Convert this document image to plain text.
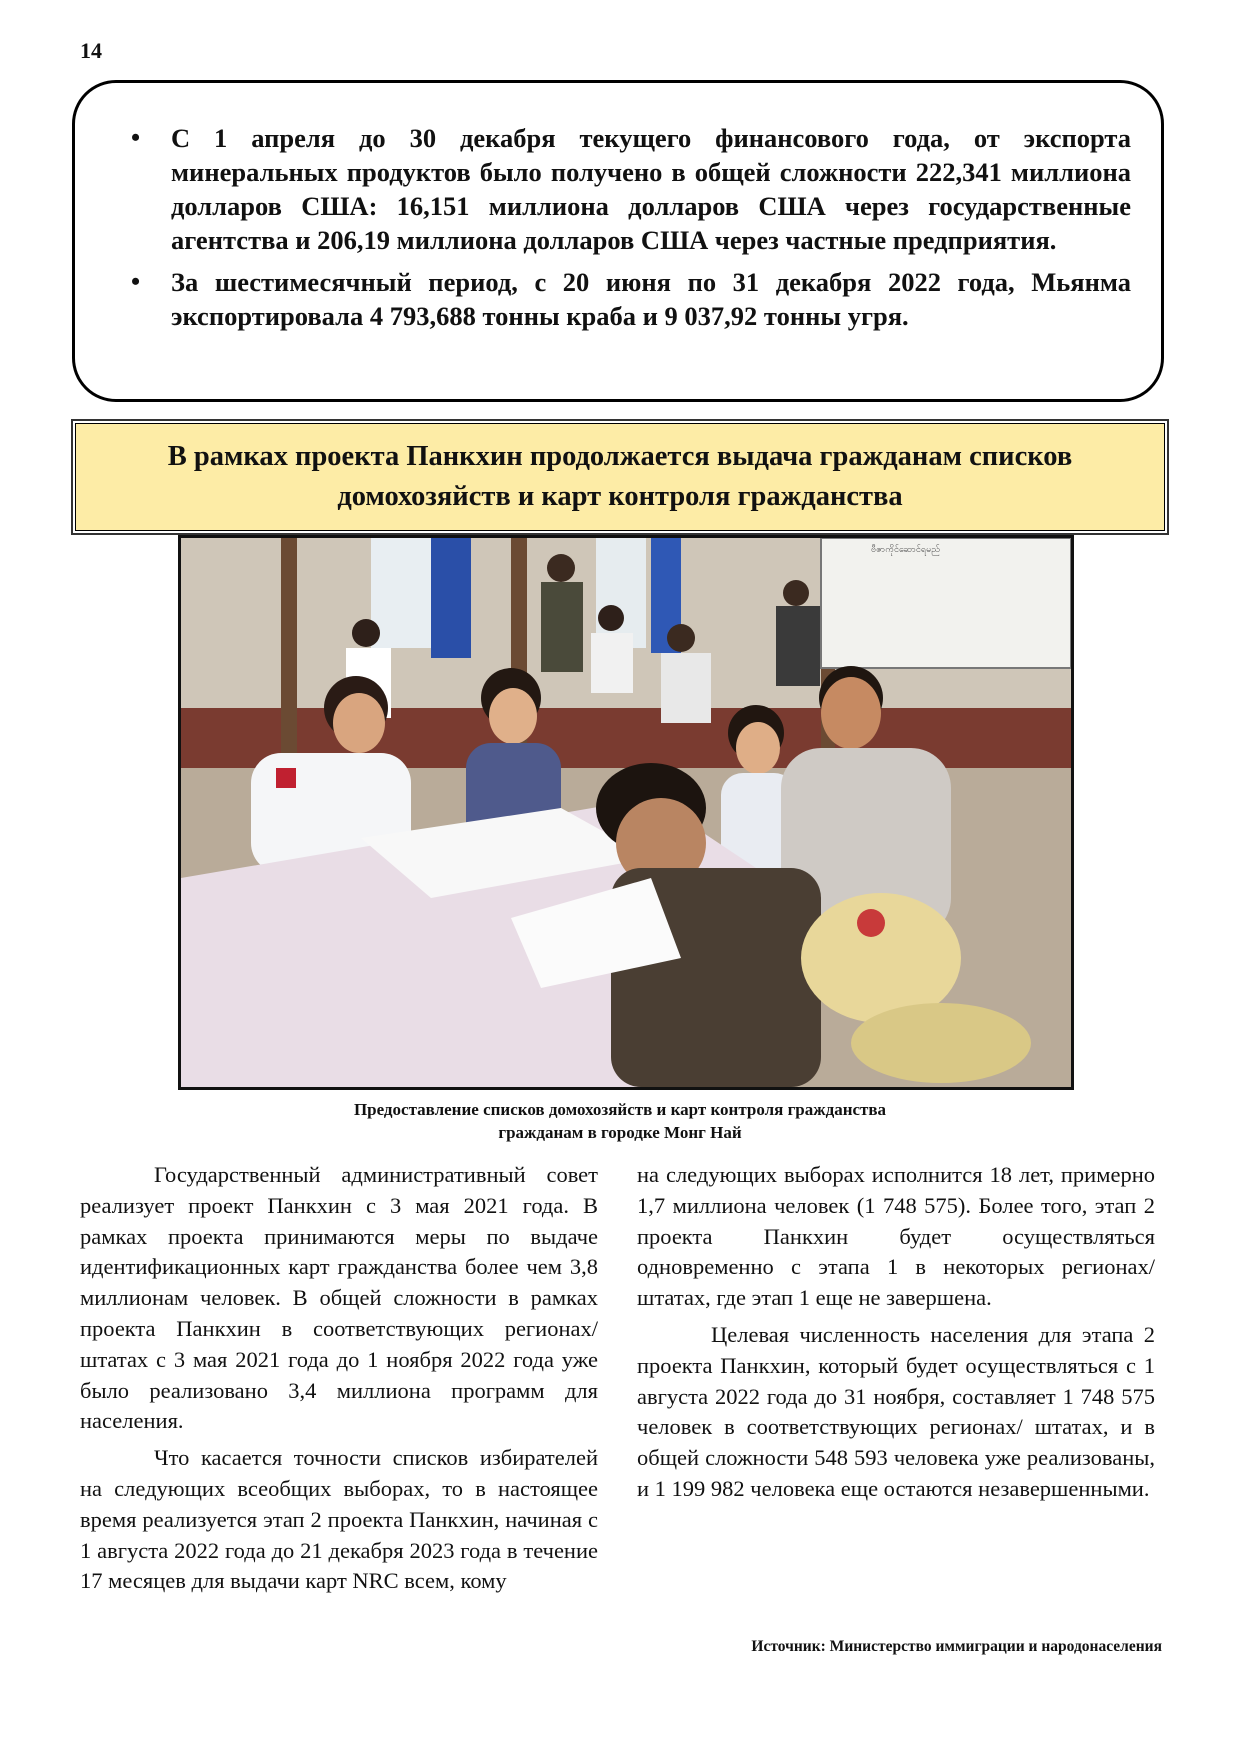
14
• С 1 апреля до 30 декабря текущего финансового года, от экспорта минеральных продуктов было получено в общей сложности 222,341 миллиона долларов США: 16,151 миллиона долларов США через государственные агентства и 206,19 миллиона долларов США через частные предприятия.
• За шестимесячный период, с 20 июня по 31 декабря 2022 года, Мьянма экспортировала 4 793,688 тонны краба и 9 037,92 тонны угря.
В рамках проекта Панкхин продолжается выдача гражданам списков домохозяйств и карт контроля гражданства
ဗီဇာကိုင်ဆောင်ရမည်
Предоставление списков домохозяйств и карт контроля гражданства
гражданам в городке Монг Най

Государственный административный совет реализует проект Панкхин с 3 мая 2021 года. В рамках проекта принимаются меры по выдаче идентификационных карт гражданства более чем 3,8 миллионам человек. В общей сложности в рамках проекта Панкхин в соответствующих регионах/штатах с 3 мая 2021 года до 1 ноября 2022 года уже было реализовано 3,4 миллиона программ для населения.

Что касается точности списков избирателей на следующих всеобщих выборах, то в настоящее время реализуется этап 2 проекта Панкхин, начиная с 1 августа 2022 года до 21 декабря 2023 года в течение 17 месяцев для выдачи карт NRC всем, кому

на следующих выборах исполнится 18 лет, примерно 1,7 миллиона человек (1 748 575). Более того, этап 2 проекта Панкхин будет осуществляться одновременно с этапа 1 в некоторых регионах/штатах, где этап 1 еще не завершена.

Целевая численность населения для этапа 2 проекта Панкхин, который будет осуществляться с 1 августа 2022 года до 31 ноября, составляет 1 748 575 человек в соответствующих регионах/ штатах, и в общей сложности 548 593 человека уже реализованы, и 1 199 982 человека еще остаются незавершенными.

Источник: Министерство иммиграции и народонаселения
